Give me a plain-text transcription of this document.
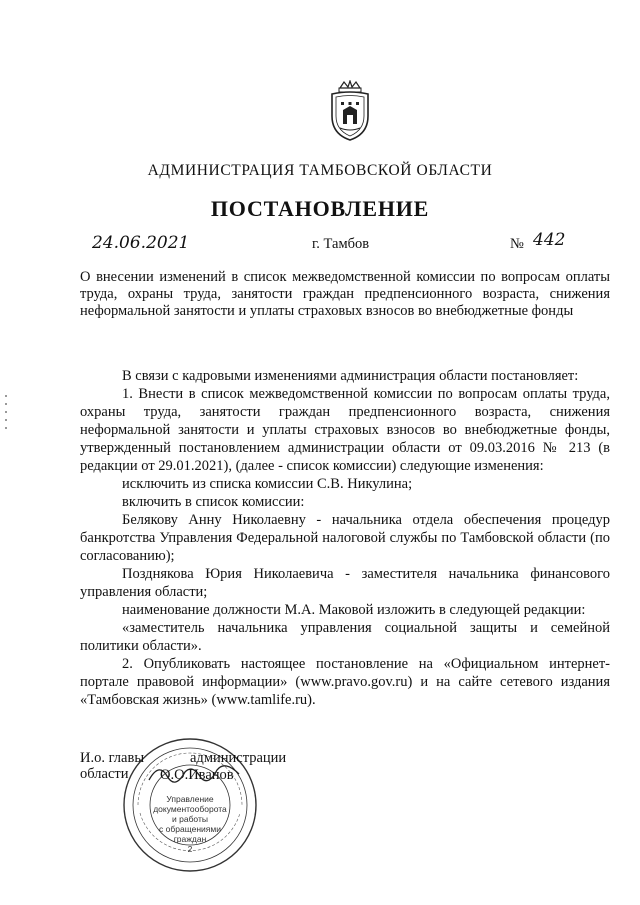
АДМИНИСТРАЦИЯ ТАМБОВСКОЙ ОБЛАСТИ
ПОСТАНОВЛЕНИЕ
24.06.2021	г. Тамбов	№ 442
О внесении изменений в список межведомственной комиссии по вопросам оплаты труда, охраны труда, занятости граждан предпенсионного возраста, снижения неформальной занятости и уплаты страховых взносов во внебюджетные фонды

В связи с кадровыми изменениями администрация области постановляет:

1. Внести в список межведомственной комиссии по вопросам оплаты труда, охраны труда, занятости граждан предпенсионного возраста, снижения неформальной занятости и уплаты страховых взносов во внебюджетные фонды, утвержденный постановлением администрации области от 09.03.2016 № 213 (в редакции от 29.01.2021), (далее - список комиссии) следующие изменения:

исключить из списка комиссии С.В. Никулина;

включить в список комиссии:

Белякову Анну Николаевну - начальника отдела обеспечения процедур банкротства Управления Федеральной налоговой службы по Тамбовской области (по согласованию);

Позднякова Юрия Николаевича - заместителя начальника финансового управления области;

наименование должности М.А. Маковой изложить в следующей редакции:

«заместитель начальника управления социальной защиты и семейной политики области».

2. Опубликовать настоящее постановление на «Официальном интернет-портале правовой информации» (www.pravo.gov.ru) и на сайте сетевого издания «Тамбовская жизнь» (www.tamlife.ru).

Управление
документооборота
и работы
с обращениями
граждан
2
И.о. главы
области
администрации
О.О.Иванов
